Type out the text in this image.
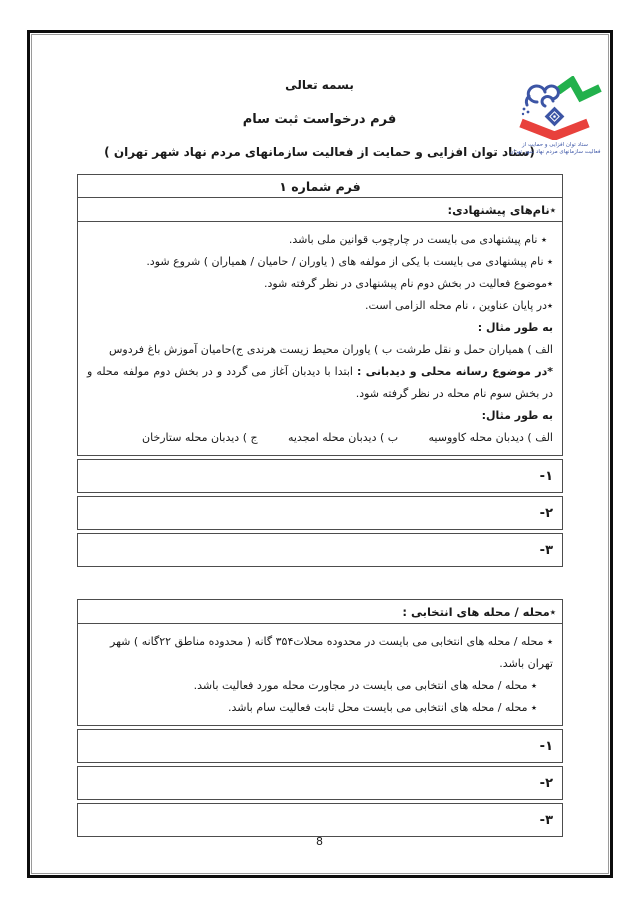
بسمه تعالی
فرم درخواست ثبت سام
(ستاد توان افزایی و حمایت از فعالیت سازمانهای مردم نهاد شهر تهران )
ستاد توان افزایی و حمایت از
فعالیت سازمانهای مردم نهاد شهر تهران
فرم شماره ۱
٭نام‌های پیشنهادی:

٭ نام پیشنهادی می بایست در چارچوب قوانین ملی باشد.

٭ نام پیشنهادی می بایست با یکی از مولفه های ( یاوران / حامیان / همیاران ) شروع شود.

٭موضوع فعالیت در بخش دوم نام پیشنهادی در نظر گرفته شود.

٭در پایان عناوین ، نام محله الزامی است.

به طور مثال :

الف ) همیاران حمل و نقل طرشت
ب ) یاوران محیط زیست هرندی
ج)حامیان آموزش باغ فردوس

*در موضوع رسانه محلی و دیدبانی : ابتدا با دیدبان آغاز می گردد و در بخش دوم مولفه محله و در بخش سوم نام محله در نظر گرفته شود.

به طور مثال:

الف ) دیدبان محله کاووسیه
ب ) دیدبان محله امجدیه
ج ) دیدبان محله ستارخان
۱-
۲-
۳-
٭محله / محله های انتخابی :

٭ محله / محله های انتخابی می بایست در محدوده محلات۳۵۴ گانه ( محدوده مناطق ۲۲گانه ) شهر تهران باشد.

٭ محله / محله های انتخابی می بایست در مجاورت محله مورد فعالیت باشد.

٭ محله / محله های انتخابی می بایست محل ثابت فعالیت سام باشد.

۱-
۲-
۳-
8
